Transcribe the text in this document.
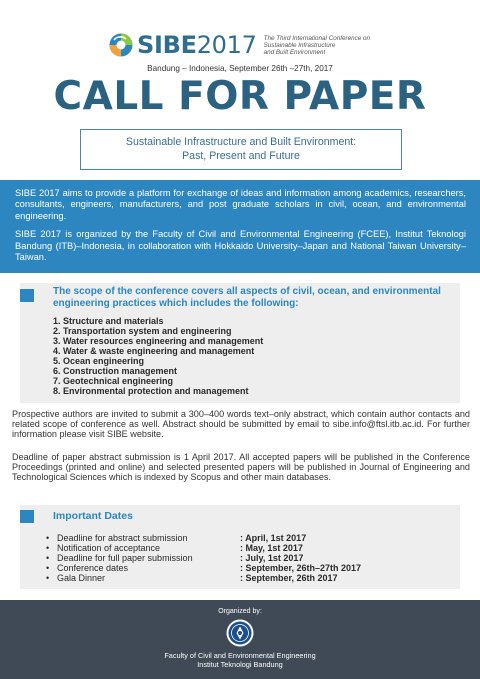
SIBE2017 The Third International Conference on
Sustainable Infrastructure
and Built Environment
Bandung – Indonesia, September 26th –27th, 2017
CALL FOR PAPER
Sustainable Infrastructure and Built Environment:
Past, Present and Future

SIBE 2017 aims to provide a platform for exchange of ideas and information among academics, researchers, consultants, engineers, manufacturers, and post graduate scholars in civil, ocean, and environmental engineering.

SIBE 2017 is organized by the Faculty of Civil and Environmental Engineering (FCEE), Institut Teknologi Bandung (ITB)–Indonesia, in collaboration with Hokkaido University–Japan and National Taiwan University–Taiwan.

The scope of the conference covers all aspects of civil, ocean, and environmental engineering practices which includes the following:
1. Structure and materials
2. Transportation system and engineering
3. Water resources engineering and management
4. Water & waste engineering and management
5. Ocean engineering
6. Construction management
7. Geotechnical engineering
8. Environmental protection and management

Prospective authors are invited to submit a 300–400 words text–only abstract, which contain author contacts and related scope of conference as well. Abstract should be submitted by email to sibe.info@ftsl.itb.ac.id. For further information please visit SIBE website.

Deadline of paper abstract submission is 1 April 2017. All accepted papers will be published in the Conference Proceedings (printed and online) and selected presented papers will be published in Journal of Engineering and Technological Sciences which is indexed by Scopus and other main databases.

Important Dates
• Deadline for abstract submission	: April, 1st 2017
• Notification of acceptance	: May, 1st 2017
• Deadline for full paper submission	: July, 1st 2017
• Conference dates	: September, 26th–27th 2017
• Gala Dinner	: September, 26th 2017
Organized by:
Faculty of Civil and Environmental Engineering
Institut Teknologi Bandung
